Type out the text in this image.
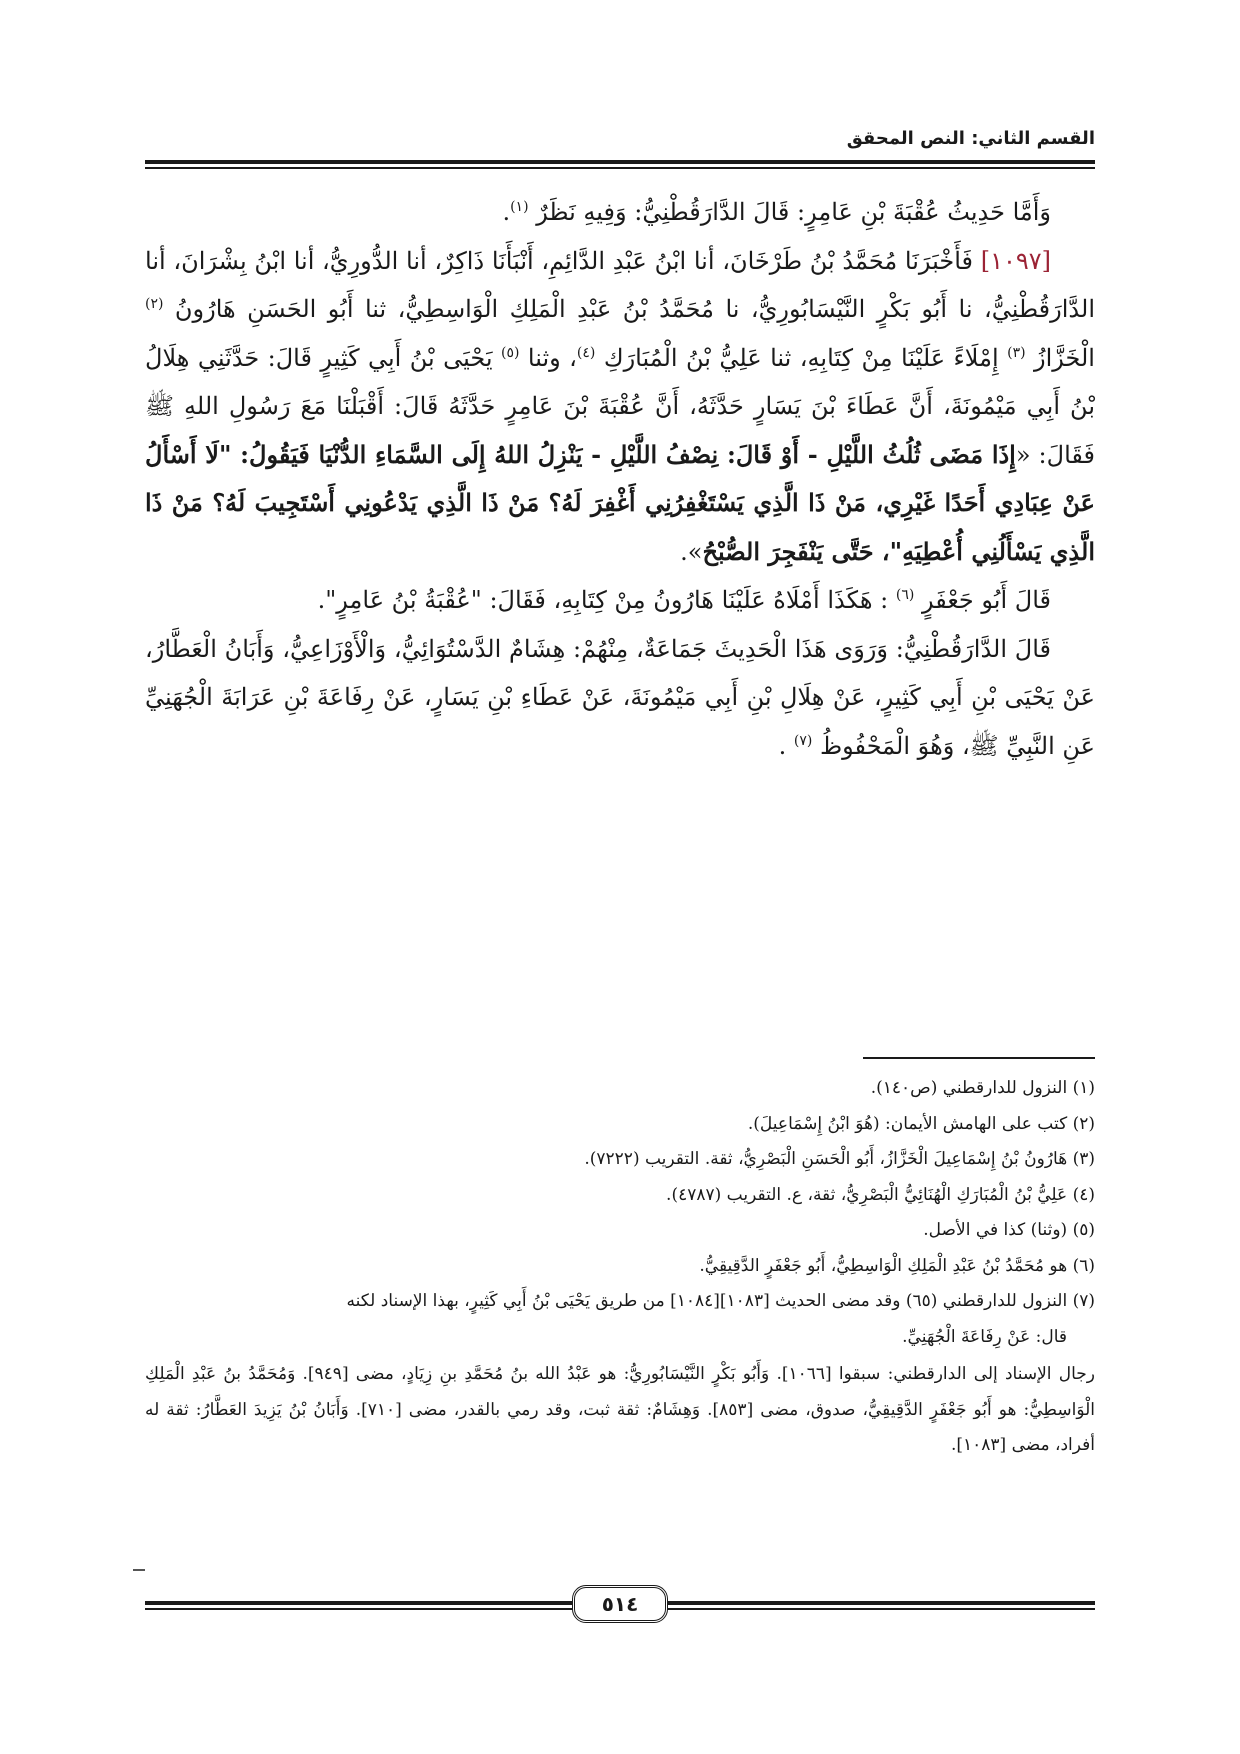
القسم الثاني: النص المحقق

وَأَمَّا حَدِيثُ عُقْبَةَ بْنِ عَامِرٍ: قَالَ الدَّارَقُطْنِيُّ: وَفِيهِ نَظَرٌ $^{(١)}$.

[١٠٩٧] فَأَخْبَرَنَا مُحَمَّدُ بْنُ طَرْخَانَ، أنا ابْنُ عَبْدِ الدَّائِمِ، أَنْبَأَنَا ذَاكِرٌ، أنا الدُّورِيُّ، أنا ابْنُ بِشْرَانَ، أنا الدَّارَقُطْنِيُّ، نا أَبُو بَكْرٍ النَّيْسَابُورِيُّ، نا مُحَمَّدُ بْنُ عَبْدِ الْمَلِكِ الْوَاسِطِيُّ، ثنا أَبُو الحَسَنِ هَارُونُ $^{(٢)}$ الْخَزَّازُ $^{(٣)}$ إِمْلَاءً عَلَيْنَا مِنْ كِتَابِهِ، ثنا عَلِيُّ بْنُ الْمُبَارَكِ $^{(٤)}$، وثنا $^{(٥)}$ يَحْيَى بْنُ أَبِي كَثِيرٍ قَالَ: حَدَّثَنِي هِلَالُ بْنُ أَبِي مَيْمُونَةَ، أَنَّ عَطَاءَ بْنَ يَسَارٍ حَدَّثَهُ، أَنَّ عُقْبَةَ بْنَ عَامِرٍ حَدَّثَهُ قَالَ: أَقْبَلْنَا مَعَ رَسُولِ اللهِ ﷺ فَقَالَ: «إِذَا مَضَى ثُلُثُ اللَّيْلِ - أَوْ قَالَ: نِصْفُ اللَّيْلِ - يَنْزِلُ اللهُ إِلَى السَّمَاءِ الدُّنْيَا فَيَقُولُ: "لَا أَسْأَلُ عَنْ عِبَادِي أَحَدًا غَيْرِي، مَنْ ذَا الَّذِي يَسْتَغْفِرُنِي أَغْفِرَ لَهُ؟ مَنْ ذَا الَّذِي يَدْعُونِي أَسْتَجِيبَ لَهُ؟ مَنْ ذَا الَّذِي يَسْأَلُنِي أُعْطِيَهِ"، حَتَّى يَنْفَجِرَ الصُّبْحُ».

قَالَ أَبُو جَعْفَرٍ $^{(٦)}$ : هَكَذَا أَمْلَاهُ عَلَيْنَا هَارُونُ مِنْ كِتَابِهِ، فَقَالَ: "عُقْبَةُ بْنُ عَامِرٍ".

قَالَ الدَّارَقُطْنِيُّ: وَرَوَى هَذَا الْحَدِيثَ جَمَاعَةٌ، مِنْهُمْ: هِشَامٌ الدَّسْتُوَائِيُّ، وَالْأَوْزَاعِيُّ، وَأَبَانُ الْعَطَّارُ، عَنْ يَحْيَى بْنِ أَبِي كَثِيرٍ، عَنْ هِلَالِ بْنِ أَبِي مَيْمُونَةَ، عَنْ عَطَاءِ بْنِ يَسَارٍ، عَنْ رِفَاعَةَ بْنِ عَرَابَةَ الْجُهَنِيِّ عَنِ النَّبِيِّ ﷺ، وَهُوَ الْمَحْفُوظُ $^{(٧)}$ .

(١) النزول للدارقطني (ص١٤٠).

(٢) كتب على الهامش الأيمان: (هُوَ ابْنُ إِسْمَاعِيلَ).

(٣) هَارُونُ بْنُ إِسْمَاعِيلَ الْخَزَّازُ، أَبُو الْحَسَنِ الْبَصْرِيُّ، ثقة. التقريب (٧٢٢٢).

(٤) عَلِيُّ بْنُ الْمُبَارَكِ الْهُنَائِيُّ الْبَصْرِيُّ، ثقة، ع. التقريب (٤٧٨٧).

(٥) (وثنا) كذا في الأصل.

(٦) هو مُحَمَّدُ بْنُ عَبْدِ الْمَلِكِ الْوَاسِطِيُّ، أَبُو جَعْفَرٍ الدَّقِيقِيُّ.

(٧) النزول للدارقطني (٦٥) وقد مضى الحديث [١٠٨٣][١٠٨٤] من طريق يَحْيَى بْنُ أَبِي كَثِيرٍ، بهذا الإسناد لكنه

قال: عَنْ رِفَاعَةَ الْجُهَنِيِّ.

رجال الإسناد إلى الدارقطني: سبقوا [١٠٦٦]. وَأَبُو بَكْرٍ النَّيْسَابُورِيُّ: هو عَبْدُ الله بنُ مُحَمَّدِ بنِ زِيَادٍ، مضى [٩٤٩]. وَمُحَمَّدُ بنُ عَبْدِ الْمَلِكِ الْوَاسِطِيُّ: هو أَبُو جَعْفَرٍ الدَّقِيقِيُّ، صدوق، مضى [٨٥٣]. وَهِشَامٌ: ثقة ثبت، وقد رمي بالقدر، مضى [٧١٠]. وَأَبَانُ بْنُ يَزِيدَ العَطَّارُ: ثقة له أفراد، مضى [١٠٨٣].

٥١٤
